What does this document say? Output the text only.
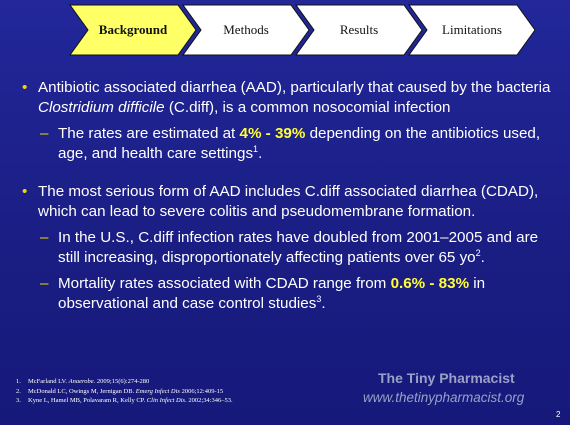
Background	Methods	Results	Limitations
• Antibiotic associated diarrhea (AAD), particularly that caused by the bacteria Clostridium difficile (C.diff), is a common nosocomial infection
– The rates are estimated at 4% - 39% depending on the antibiotics used, age, and health care settings$^1$.
• The most serious form of AAD includes C.diff associated diarrhea (CDAD), which can lead to severe colitis and pseudomembrane formation.
– In the U.S., C.diff infection rates have doubled from 2001–2005 and are still increasing, disproportionately affecting patients over 65 $yo^2$.
– Mortality rates associated with CDAD range from 0.6% - 83% in observational and case control studies$^3$.
1. McFarland LV. Anaerobe. 2009;15(6):274-280
2. McDonald LC, Owings M, Jernigan DB. Emerg Infect Dis 2006;12:409-15
3. Kyne L, Hamel MB, Polavaram R, Kelly CP. Clin Infect Dis. 2002;34:346–53.
The Tiny Pharmacist
www.thetinypharmacist.org
2
